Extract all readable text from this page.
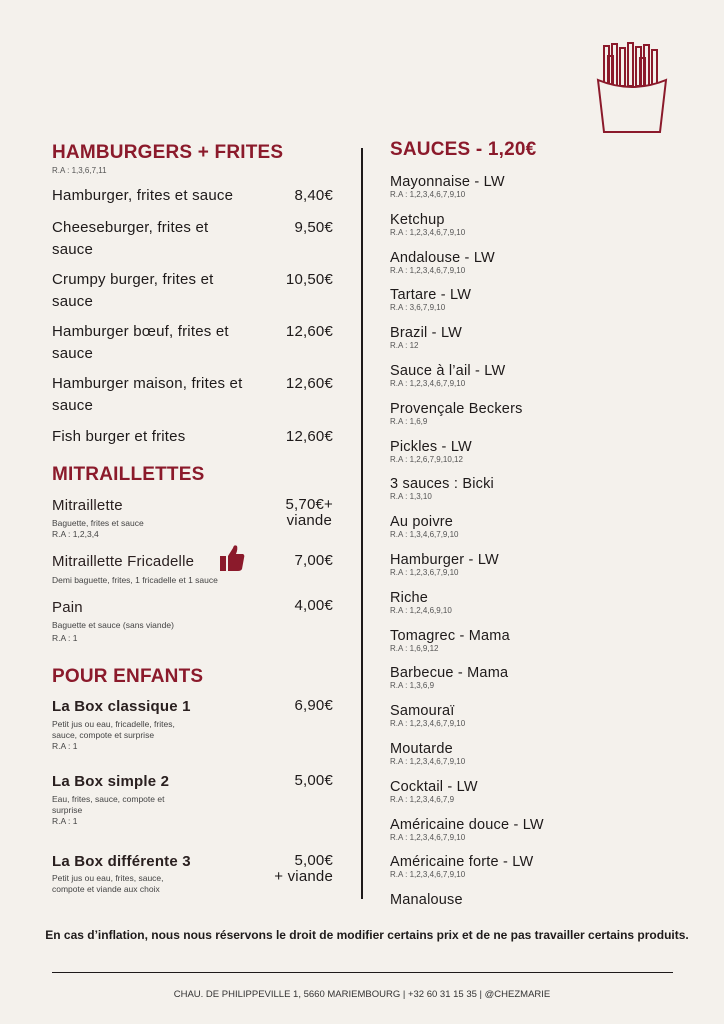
HAMBURGERS + FRITES
R.A : 1,3,6,7,11
Hamburger, frites et sauce	8,40€
Cheeseburger, frites et sauce
9,50€
Crumpy burger, frites et sauce
10,50€
Hamburger bœuf, frites et sauce
12,60€
Hamburger maison, frites et sauce
12,60€
Fish burger et frites	12,60€
MITRAILLETTES
Mitraillette
Baguette, frites et sauce
R.A : 1,2,3,4
5,70€+
viande
Mitraillette Fricadelle
Demi baguette, frites, 1 fricadelle et 1 sauce
7,00€
Pain
Baguette et sauce (sans viande)
R.A : 1
4,00€
POUR ENFANTS
La Box classique 1
Petit jus ou eau, fricadelle, frites, sauce, compote et surprise
R.A : 1
6,90€
La Box simple 2
Eau, frites, sauce, compote et surprise
R.A : 1
5,00€
La Box différente 3
Petit jus ou eau, frites, sauce, compote et viande aux choix
5,00€
+ viande
SAUCES - 1,20€
Mayonnaise - LW
R.A : 1,2,3,4,6,7,9,10
Ketchup
R.A : 1,2,3,4,6,7,9,10
Andalouse - LW
R.A : 1,2,3,4,6,7,9,10
Tartare - LW
R.A : 3,6,7,9,10
Brazil - LW
R.A : 12
Sauce à l’ail - LW
R.A : 1,2,3,4,6,7,9,10
Provençale Beckers
R.A : 1,6,9
Pickles - LW
R.A : 1,2,6,7,9,10,12
3 sauces : Bicki
R.A : 1,3,10
Au poivre
R.A : 1,3,4,6,7,9,10
Hamburger - LW
R.A : 1,2,3,6,7,9,10
Riche
R.A : 1,2,4,6,9,10
Tomagrec - Mama
R.A : 1,6,9,12
Barbecue - Mama
R.A : 1,3,6,9
Samouraï
R.A : 1,2,3,4,6,7,9,10
Moutarde
R.A : 1,2,3,4,6,7,9,10
Cocktail - LW
R.A : 1,2,3,4,6,7,9
Américaine douce - LW
R.A : 1,2,3,4,6,7,9,10
Américaine forte - LW
R.A : 1,2,3,4,6,7,9,10
Manalouse
En cas d’inflation, nous nous réservons le droit de modifier certains prix et de ne pas travailler certains produits.
CHAU. DE PHILIPPEVILLE 1, 5660 MARIEMBOURG | +32 60 31 15 35 | @CHEZMARIE
